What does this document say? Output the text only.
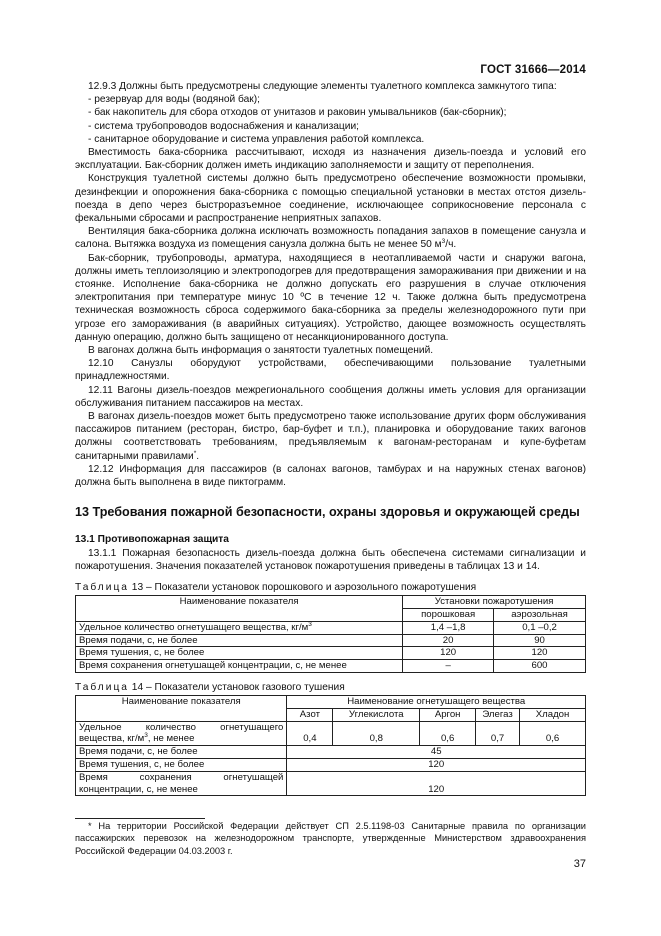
ГОСТ 31666—2014

12.9.3 Должны быть предусмотрены следующие элементы туалетного комплекса замкнутого типа:

- резервуар для воды (водяной бак);

- бак накопитель для сбора отходов от унитазов и раковин умывальников (бак-сборник);

- система трубопроводов водоснабжения и канализации;

- санитарное оборудование и система управления работой комплекса.

Вместимость бака-сборника рассчитывают, исходя из назначения дизель-поезда и условий его эксплуатации. Бак-сборник должен иметь индикацию заполняемости и защиту от переполнения.

Конструкция туалетной системы должно быть предусмотрено обеспечение возможности промывки, дезинфекции и опорожнения бака-сборника с помощью специальной установки в местах отстоя дизель-поезда в депо через быстроразъемное соединение, исключающее соприкосновение персонала с фекальными сбросами и распространение неприятных запахов.

Вентиляция бака-сборника должна исключать возможность попадания запахов в помещение санузла и салона. Вытяжка воздуха из помещения санузла должна быть не менее 50 $м^3/ч$.

Бак-сборник, трубопроводы, арматура, находящиеся в неотапливаемой части и снаружи вагона, должны иметь теплоизоляцию и электроподогрев для предотвращения замораживания при движении и на стоянке. Исполнение бака-сборника не должно допускать его разрушения в случае отключения электропитания при температуре минус 10 ºС в течение 12 ч. Также должна быть предусмотрена техническая возможность сброса содержимого бака-сборника за пределы железнодорожного пути при угрозе его замораживания (в аварийных ситуациях). Устройство, дающее возможность осуществлять данную операцию, должно быть защищено от несанкционированного доступа.

В вагонах должна быть информация о занятости туалетных помещений.

12.10 Санузлы оборудуют устройствами, обеспечивающими пользование туалетными принадлежностями.

12.11 Вагоны дизель-поездов межрегионального сообщения должны иметь условия для организации обслуживания питанием пассажиров на местах.

В вагонах дизель-поездов может быть предусмотрено также использование других форм обслуживания пассажиров питанием (ресторан, бистро, бар-буфет и т.п.), планировка и оборудование таких вагонов должны соответствовать требованиям, предъявляемым к вагонам-ресторанам и купе-буфетам санитарными правилами*.

12.12 Информация для пассажиров (в салонах вагонов, тамбурах и на наружных стенах вагонов) должна быть выполнена в виде пиктограмм.

13 Требования пожарной безопасности, охраны здоровья и окружающей среды

13.1 Противопожарная защита

13.1.1 Пожарная безопасность дизель-поезда должна быть обеспечена системами сигнализации и пожаротушения. Значения показателей установок пожаротушения приведены в таблицах 13 и 14.

Таблица 13 – Показатели установок порошкового и аэрозольного пожаротушения

Наименование показателя	Установки пожаротушения	
	порошковая	аэрозольная
Удельное количество огнетушащего вещества, $кг/м^3$	1,4 –1,8	0,1 –0,2
Время подачи, с, не более	20	90
Время тушения, с, не более	120	120
Время сохранения огнетушащей концентрации, с, не менее	–	600

Таблица 14 – Показатели установок газового тушения

Наименование показателя	Наименование огнетушащего вещества				
	Азот	Углекислота	Аргон	Элегаз	Хладон
Удельное количество огнетушащего вещества, $кг/м^3$, не менее	0,4	0,8	0,6	0,7	0,6
Время подачи, с, не более	45				
Время тушения, с, не более	120				
Время сохранения огнетушащей концентрации, с, не менее	120				
* На территории Российской Федерации действует СП 2.5.1198-03 Санитарные правила по организации пассажирских перевозок на железнодорожном транспорте, утвержденные Министерством здравоохранения Российской Федерации 04.03.2003 г.
37
